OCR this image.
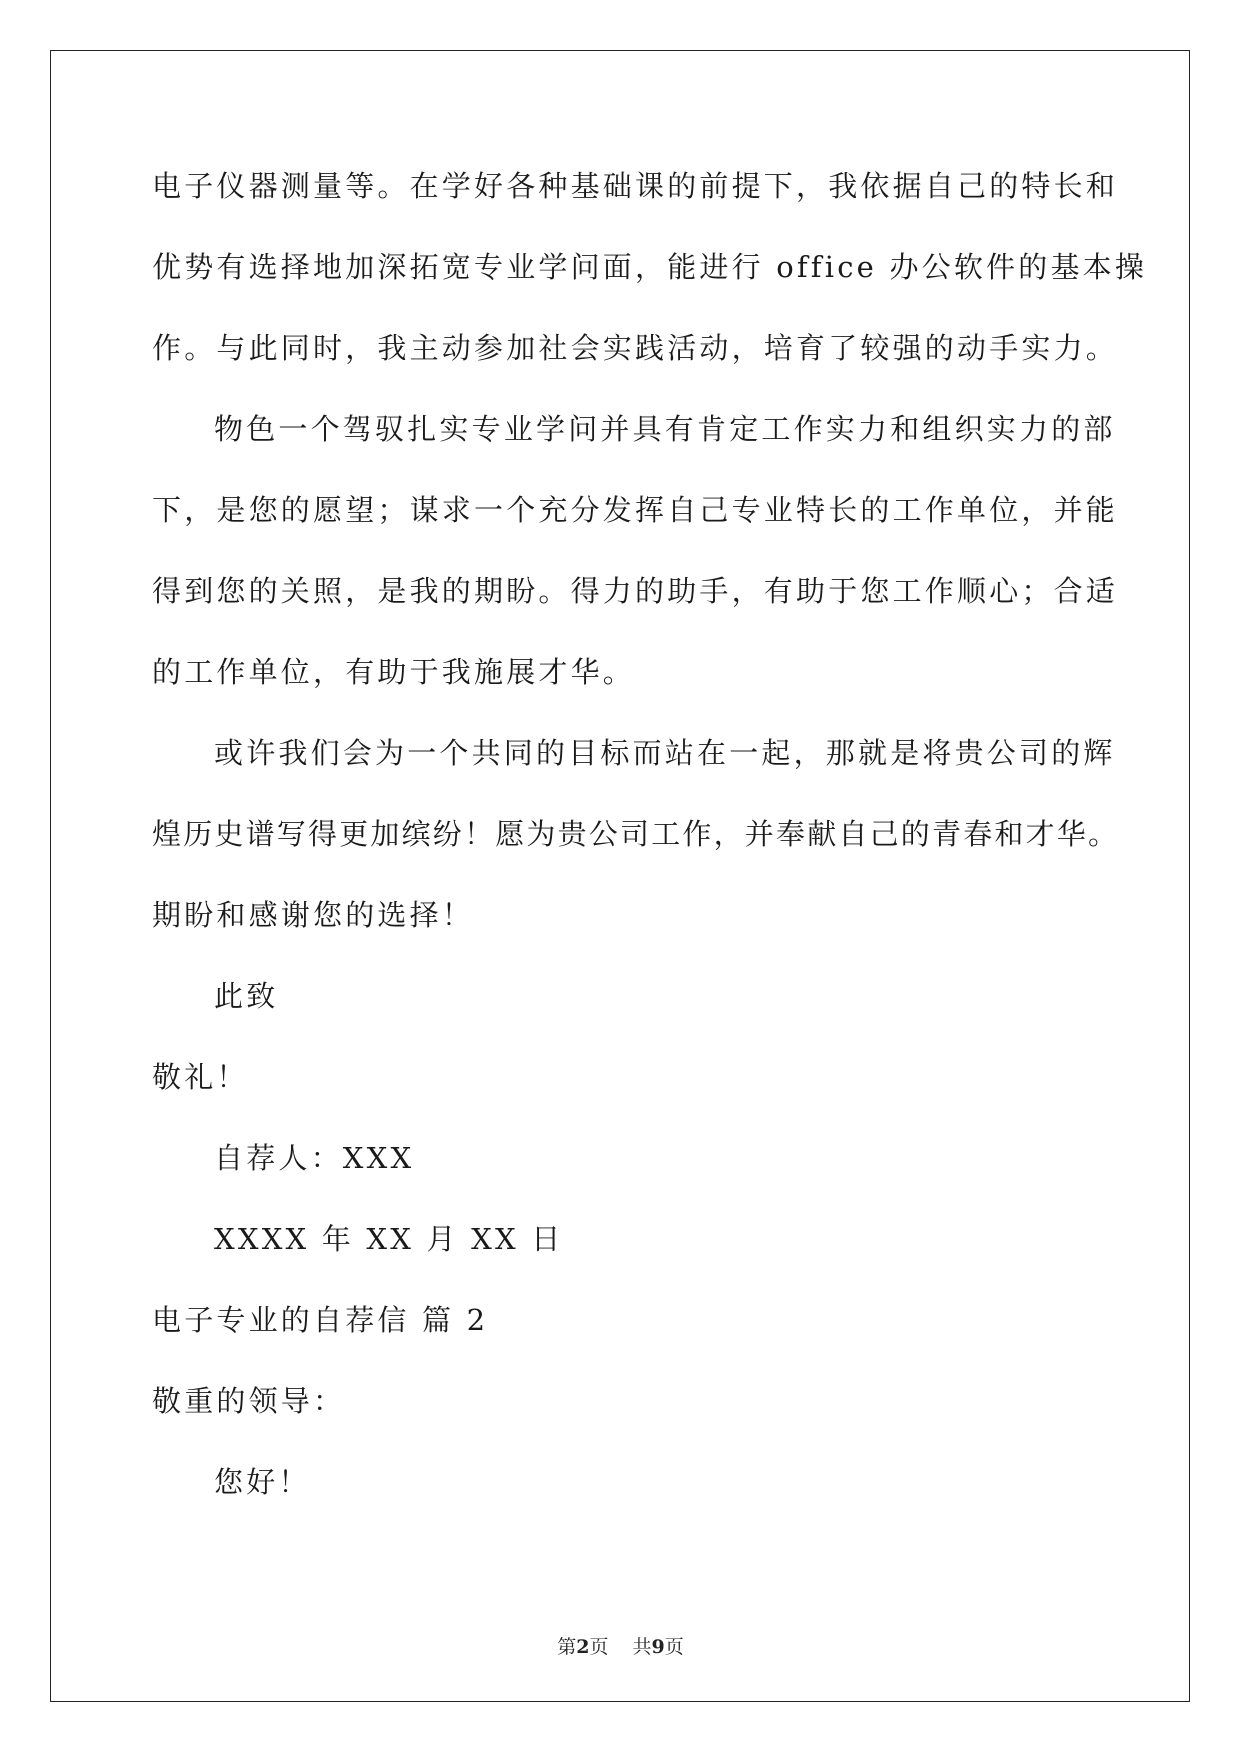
电子仪器测量等。在学好各种基础课的前提下，我依据自己的特长和
优势有选择地加深拓宽专业学问面，能进行 office 办公软件的基本操
作。与此同时，我主动参加社会实践活动，培育了较强的动手实力。
物色一个驾驭扎实专业学问并具有肯定工作实力和组织实力的部
下，是您的愿望；谋求一个充分发挥自己专业特长的工作单位，并能
得到您的关照，是我的期盼。得力的助手，有助于您工作顺心；合适
的工作单位，有助于我施展才华。
或许我们会为一个共同的目标而站在一起，那就是将贵公司的辉
煌历史谱写得更加缤纷！愿为贵公司工作，并奉献自己的青春和才华。
期盼和感谢您的选择！
此致
敬礼！
自荐人：XXX
XXXX 年 XX 月 XX 日
电子专业的自荐信 篇 2
敬重的领导：
您好！
第2页 共9页
